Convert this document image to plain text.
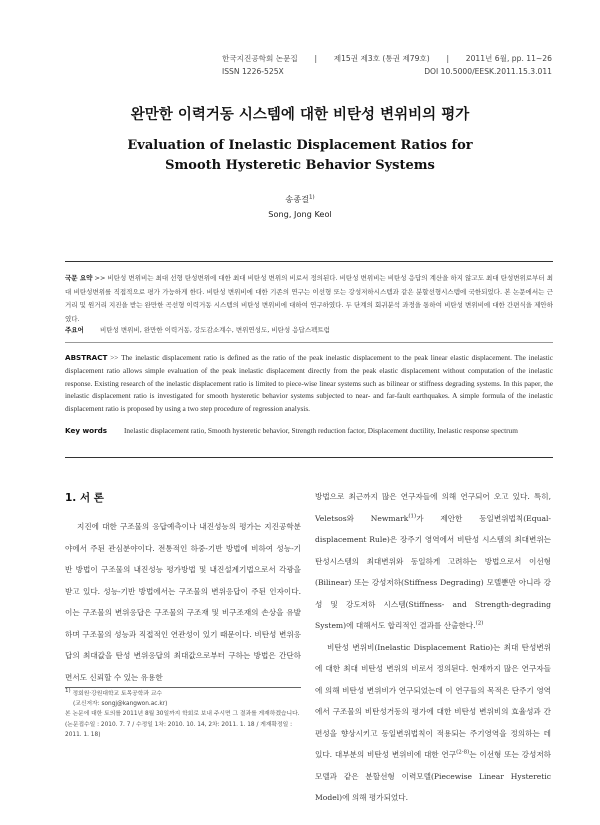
한국지진공학회 논문집 | 제15권 제3호 (통권 제79호) | 2011년 6월, pp. 11~26
ISSN 1226-525X	DOI 10.5000/EESK.2011.15.3.011
완만한 이력거동 시스템에 대한 비탄성 변위비의 평가
Evaluation of Inelastic Displacement Ratios for
Smooth Hysteretic Behavior Systems
송종걸$^{1)}$
Song, Jong Keol

국문 요약 >> 비탄성 변위비는 최대 선형 탄성변위에 대한 최대 비탄성 변위의 비로서 정의된다. 비탄성 변위비는 비탄성 응답의 계산을 하지 않고도 최대 탄성변위로부터 최대 비탄성변위를 직접적으로 평가 가능하게 한다. 비탄성 변위비에 대한 기존의 연구는 이선형 또는 강성저하시스템과 같은 분할선형시스템에 국한되었다. 본 논문에서는 근거리 및 원거리 지진을 받는 완만한 곡선형 이력거동 시스템의 비탄성 변위비에 대하여 연구하였다. 두 단계의 회귀분석 과정을 통하여 비탄성 변위비에 대한 간편식을 제안하였다.

주요어	비탄성 변위비, 완만한 이력거동, 강도감소계수, 변위연성도, 비탄성 응답스펙트럼

ABSTRACT >> The inelastic displacement ratio is defined as the ratio of the peak inelastic displacement to the peak linear elastic displacement. The inelastic displacement ratio allows simple evaluation of the peak inelastic displacement directly from the peak elastic displacement without computation of the inelastic response. Existing research of the inelastic displacement ratio is limited to piece-wise linear systems such as bilinear or stiffness degrading systems. In this paper, the inelastic displacement ratio is investigated for smooth hysteretic behavior systems subjected to near- and far-fault earthquakes. A simple formula of the inelastic displacement ratio is proposed by using a two step procedure of regression analysis.

Key words	Inelastic displacement ratio, Smooth hysteretic behavior, Strength reduction factor, Displacement ductility, Inelastic response spectrum
1. 서 론

지진에 대한 구조물의 응답예측이나 내진성능의 평가는 지진공학분야에서 주된 관심분야이다. 전통적인 하중-기반 방법에 비하여 성능-기반 방법이 구조물의 내진성능 평가방법 및 내진설계기법으로서 각광을 받고 있다. 성능-기반 방법에서는 구조물의 변위응답이 주된 인자이다. 이는 구조물의 변위응답은 구조물의 구조재 및 비구조재의 손상을 유발하며 구조물의 성능과 직접적인 연관성이 있기 때문이다. 비탄성 변위응답의 최대값을 탄성 변위응답의 최대값으로부터 구하는 방법은 간단하면서도 신뢰할 수 있는 유용한

방법으로 최근까지 많은 연구자들에 의해 연구되어 오고 있다. 특히, Veletsos와 Newmark$^{(1)}$가 제안한 동일변위법칙(Equal-displacement Rule)은 장주기 영역에서 비탄성 시스템의 최대변위는 탄성시스템의 최대변위와 동일하게 고려하는 방법으로서 이선형(Bilinear) 또는 강성저하(Stiffness Degrading) 모델뿐만 아니라 강성 및 강도저하 시스템(Stiffness- and Strength-degrading System)에 대해서도 합리적인 결과를 산출한다.$^{(2)}$

비탄성 변위비(Inelastic Displacement Ratio)는 최대 탄성변위에 대한 최대 비탄성 변위의 비로서 정의된다. 현재까지 많은 연구자들에 의해 비탄성 변위비가 연구되었는데 이 연구들의 목적은 단주기 영역에서 구조물의 비탄성거동의 평가에 대한 비탄성 변위비의 효율성과 간편성을 향상시키고 동일변위법칙이 적용되는 주기영역을 정의하는 데 있다. 대부분의 비탄성 변위비에 대한 연구$^{(2-8)}$는 이선형 또는 강성저하 모델과 같은 분할선형 이력모델(Piecewise Linear Hysteretic Model)에 의해 평가되었다.

$^{1)}$ 정회원·강원대학교 토목공학과 교수

(교신저자: songj@kangwon.ac.kr)

본 논문에 대한 토의를 2011년 8월 30일까지 학회로 보내 주시면 그 결과를 게재하겠습니다.

(논문접수일 : 2010. 7. 7 / 수정일 1차: 2010. 10. 14, 2차: 2011. 1. 18 / 게재확정일 : 2011. 1. 18)
